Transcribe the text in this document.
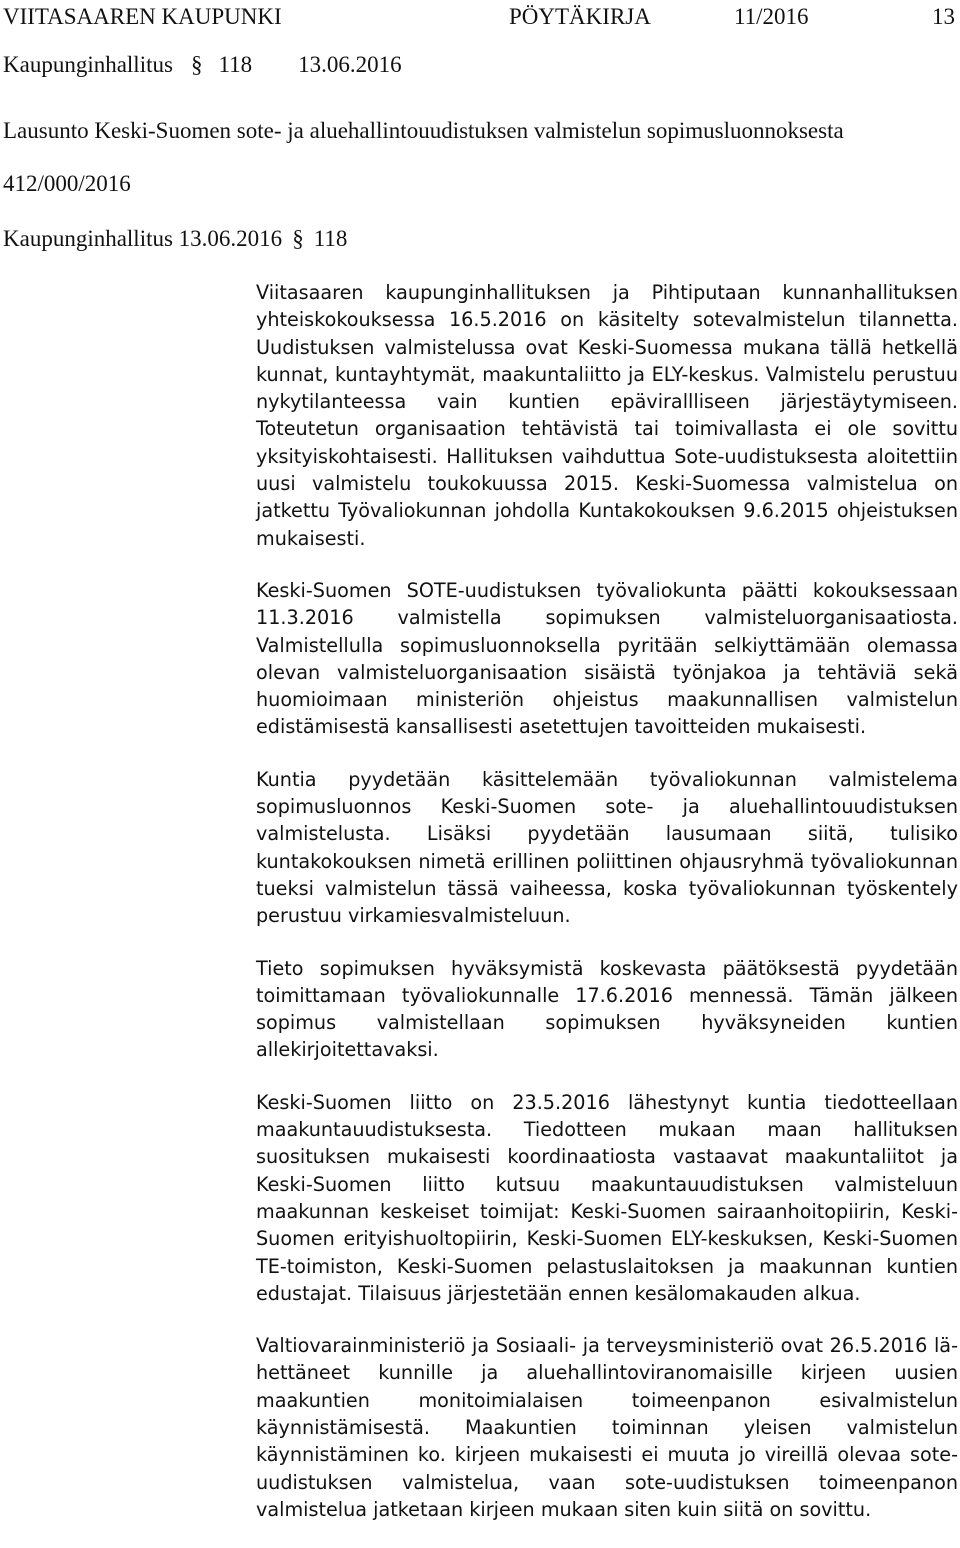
VIITASAAREN KAUPUNKI	PÖYTÄKIRJA	11/2016	13
Kaupunginhallitus § 118 13.06.2016
Lausunto Keski-Suomen sote- ja aluehallintouudistuksen valmistelun sopimusluonnoksesta
412/000/2016
Kaupunginhallitus 13.06.2016 § 118

Viitasaaren kaupunginhallituksen ja Pihtiputaan kunnanhallituksen yhteiskokouksessa 16.5.2016 on käsitelty sotevalmistelun tilannetta. Uudistuksen valmistelussa ovat Keski-Suomessa mukana tällä hetkellä kunnat, kuntayhtymät, maakuntaliitto ja ELY-keskus. Valmistelu perustuu nykytilanteessa vain kuntien epävirallliseen järjestäytymiseen. Toteutetun organisaation tehtävistä tai toimivallasta ei ole sovittu yksityiskohtaisesti. Hallituksen vaihduttua Sote-uudistuksesta aloitettiin uusi valmistelu toukokuussa 2015. Keski-Suomessa valmistelua on jatkettu Työvaliokunnan johdolla Kuntakokouksen 9.6.2015 ohjeistuksen mukaisesti.

Keski-Suomen SOTE-uudistuksen työvaliokunta päätti kokouksessaan 11.3.2016 valmistella sopimuksen valmisteluorganisaatiosta. Valmistellulla sopimusluonnoksella pyritään selkiyttämään olemassa olevan valmisteluorganisaation sisäistä työnjakoa ja tehtäviä sekä huomioimaan ministeriön ohjeistus maakunnallisen valmistelun edistämisestä kansallisesti asetettujen tavoitteiden mukaisesti.

Kuntia pyydetään käsittelemään työvaliokunnan valmistelema sopimusluonnos Keski-Suomen sote- ja aluehallintouudistuksen valmistelusta. Lisäksi pyydetään lausumaan siitä, tulisiko kuntakokouksen nimetä erillinen poliittinen ohjausryhmä työvaliokunnan tueksi valmistelun tässä vaiheessa, koska työvaliokunnan työskentely perustuu virkamiesvalmisteluun.

Tieto sopimuksen hyväksymistä koskevasta päätöksestä pyydetään toimittamaan työvaliokunnalle 17.6.2016 mennessä. Tämän jälkeen sopimus valmistellaan sopimuksen hyväksyneiden kuntien allekirjoitettavaksi.

Keski-Suomen liitto on 23.5.2016 lähestynyt kuntia tiedotteellaan maakuntauudistuksesta. Tiedotteen mukaan maan hallituksen suosituksen mukaisesti koordinaatiosta vastaavat maakuntaliitot ja Keski-Suomen liitto kutsuu maakuntauudistuksen valmisteluun maakunnan keskeiset toimijat: Keski-Suomen sairaanhoitopiirin, Keski-Suomen erityishuoltopiirin, Keski-Suomen ELY-keskuksen, Keski-Suomen TE-toimiston, Keski-Suomen pelastuslaitoksen ja maakunnan kuntien edustajat. Tilaisuus järjestetään ennen kesälomakauden alkua.

Valtiovarainministeriö ja Sosiaali- ja terveysministeriö ovat 26.5.2016 lähettäneet kunnille ja aluehallintoviranomaisille kirjeen uusien maakuntien monitoimialaisen toimeenpanon esivalmistelun käynnistämisestä. Maakuntien toiminnan yleisen valmistelun käynnistäminen ko. kirjeen mukaisesti ei muuta jo vireillä olevaa sote-uudistuksen valmistelua, vaan sote-uudistuksen toimeenpanon valmistelua jatketaan kirjeen mukaan siten kuin siitä on sovittu.
